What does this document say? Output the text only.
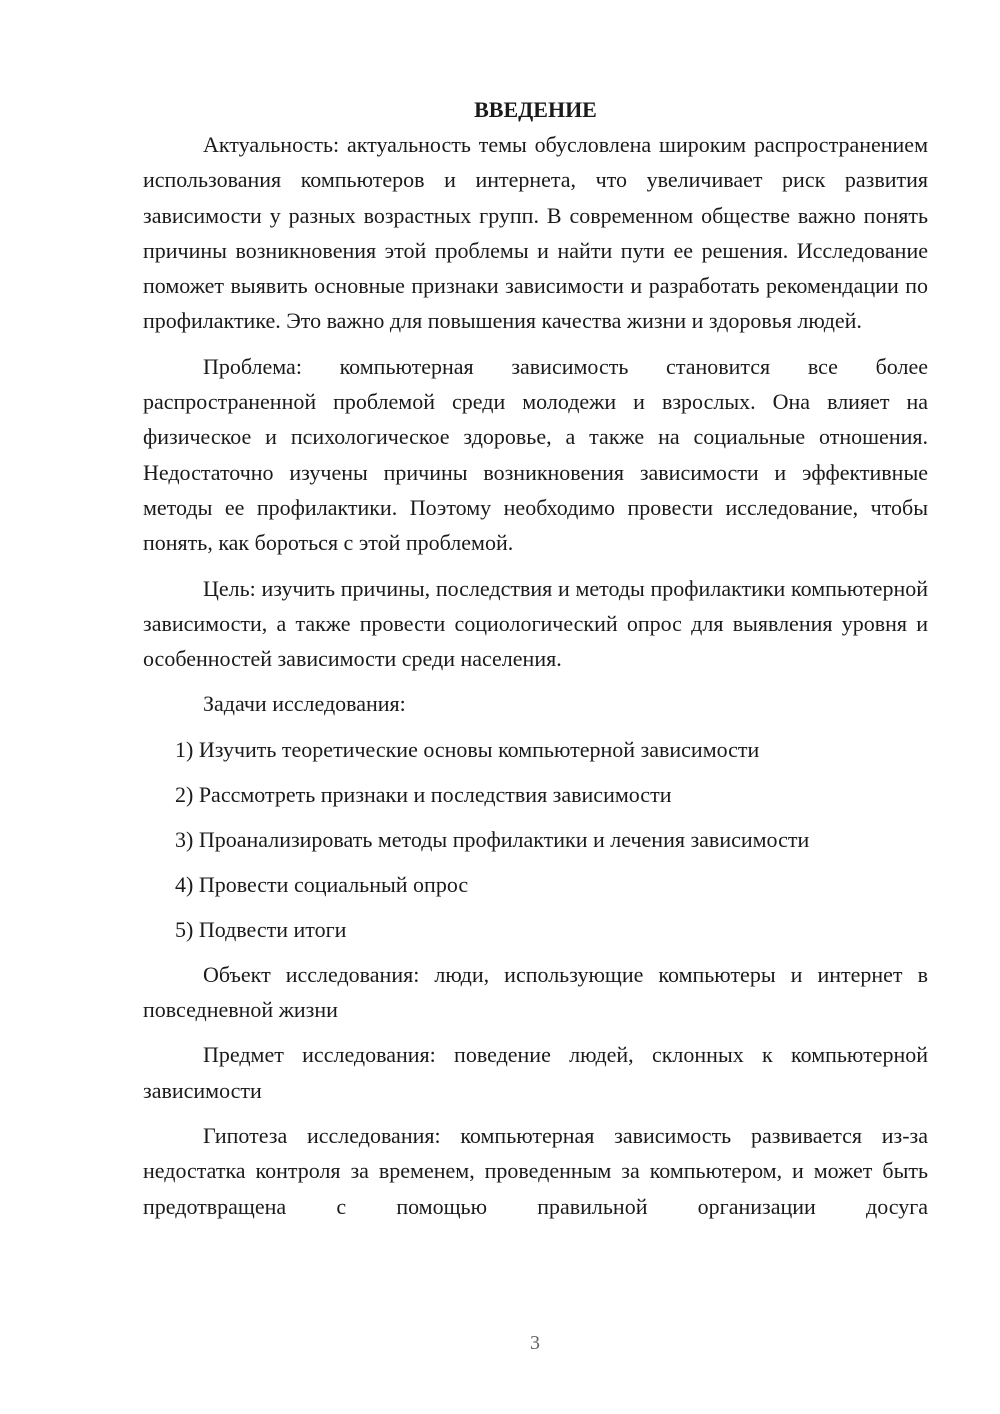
ВВЕДЕНИЕ

Актуальность: актуальность темы обусловлена широким распространением использования компьютеров и интернета, что увеличивает риск развития зависимости у разных возрастных групп. В современном обществе важно понять причины возникновения этой проблемы и найти пути ее решения. Исследование поможет выявить основные признаки зависимости и разработать рекомендации по профилактике. Это важно для повышения качества жизни и здоровья людей.

Проблема: компьютерная зависимость становится все более распространенной проблемой среди молодежи и взрослых. Она влияет на физическое и психологическое здоровье, а также на социальные отношения. Недостаточно изучены причины возникновения зависимости и эффективные методы ее профилактики. Поэтому необходимо провести исследование, чтобы понять, как бороться с этой проблемой.

Цель: изучить причины, последствия и методы профилактики компьютерной зависимости, а также провести социологический опрос для выявления уровня и особенностей зависимости среди населения.

Задачи исследования:

1) Изучить теоретические основы компьютерной зависимости
2) Рассмотреть признаки и последствия зависимости
3) Проанализировать методы профилактики и лечения зависимости
4) Провести социальный опрос
5) Подвести итоги

Объект исследования: люди, использующие компьютеры и интернет в повседневной жизни

Предмет исследования: поведение людей, склонных к компьютерной зависимости

Гипотеза исследования: компьютерная зависимость развивается из-за недостатка контроля за временем, проведенным за компьютером, и может быть предотвращена с помощью правильной организации досуга

3
